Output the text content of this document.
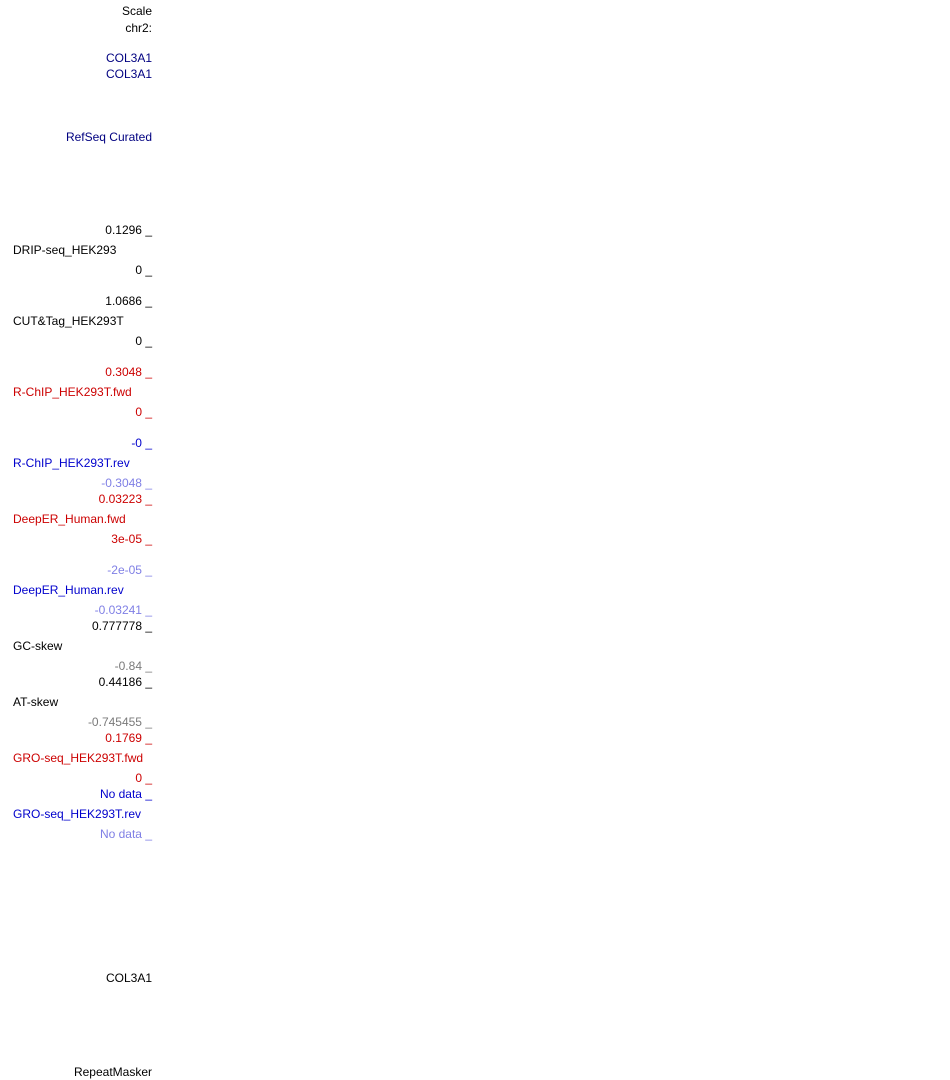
Scale
chr2:
COL3A1
COL3A1
RefSeq Curated
0.1296 _
DRIP-seq_HEK293
0 _
1.0686 _
CUT&Tag_HEK293T
0 _
0.3048 _
R-ChIP_HEK293T.fwd
0 _
-0 _
R-ChIP_HEK293T.rev
-0.3048 _
0.03223 _
DeepER_Human.fwd
3e-05 _
-2e-05 _
DeepER_Human.rev
-0.03241 _
0.777778 _
GC-skew
-0.84 _
0.44186 _
AT-skew
-0.745455 _
0.1769 _
GRO-seq_HEK293T.fwd
0 _
No data _
GRO-seq_HEK293T.rev
No data _
COL3A1
RepeatMasker
